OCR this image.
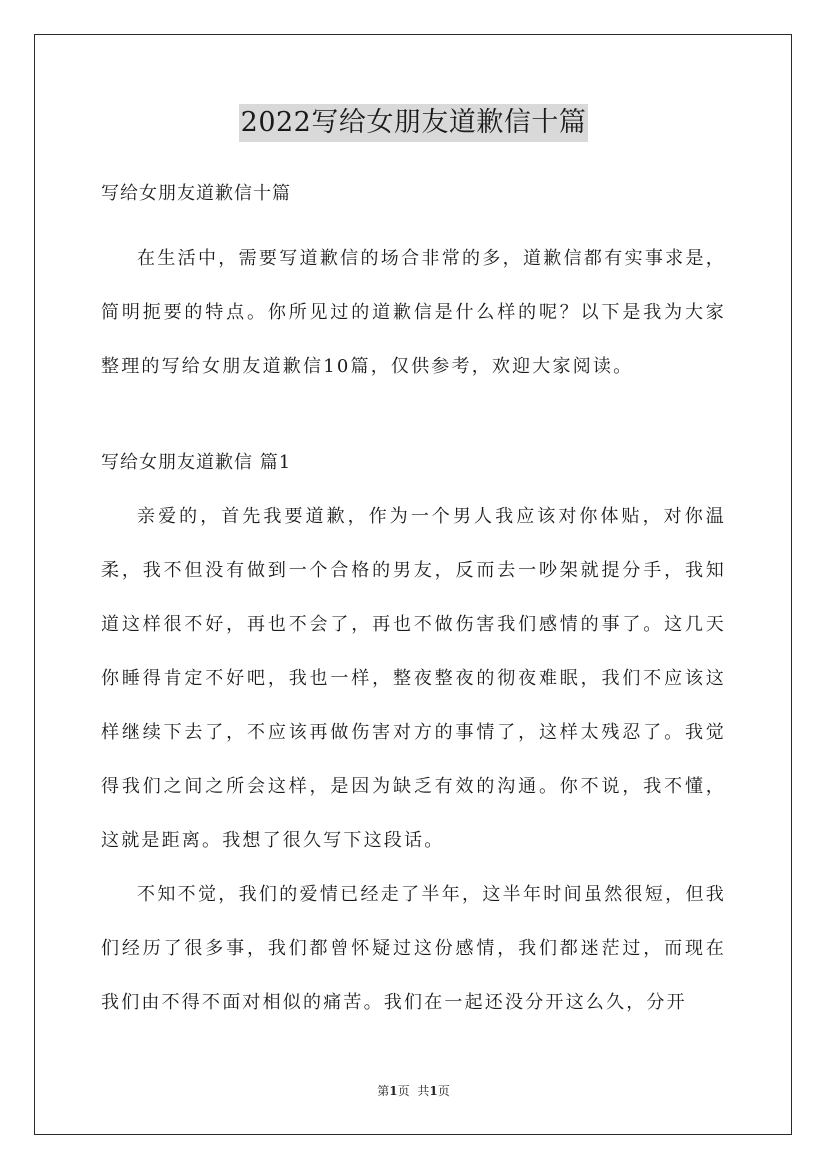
2022写给女朋友道歉信十篇

写给女朋友道歉信十篇

在生活中，需要写道歉信的场合非常的多，道歉信都有实事求是，简明扼要的特点。你所见过的道歉信是什么样的呢？以下是我为大家整理的写给女朋友道歉信10篇，仅供参考，欢迎大家阅读。

写给女朋友道歉信 篇1

亲爱的，首先我要道歉，作为一个男人我应该对你体贴，对你温柔，我不但没有做到一个合格的男友，反而去一吵架就提分手，我知道这样很不好，再也不会了，再也不做伤害我们感情的事了。这几天你睡得肯定不好吧，我也一样，整夜整夜的彻夜难眠，我们不应该这样继续下去了，不应该再做伤害对方的事情了，这样太残忍了。我觉得我们之间之所会这样，是因为缺乏有效的沟通。你不说，我不懂，这就是距离。我想了很久写下这段话。

不知不觉，我们的爱情已经走了半年，这半年时间虽然很短，但我们经历了很多事，我们都曾怀疑过这份感情，我们都迷茫过，而现在我们由不得不面对相似的痛苦。我们在一起还没分开这么久，分开

第1页 共1页
